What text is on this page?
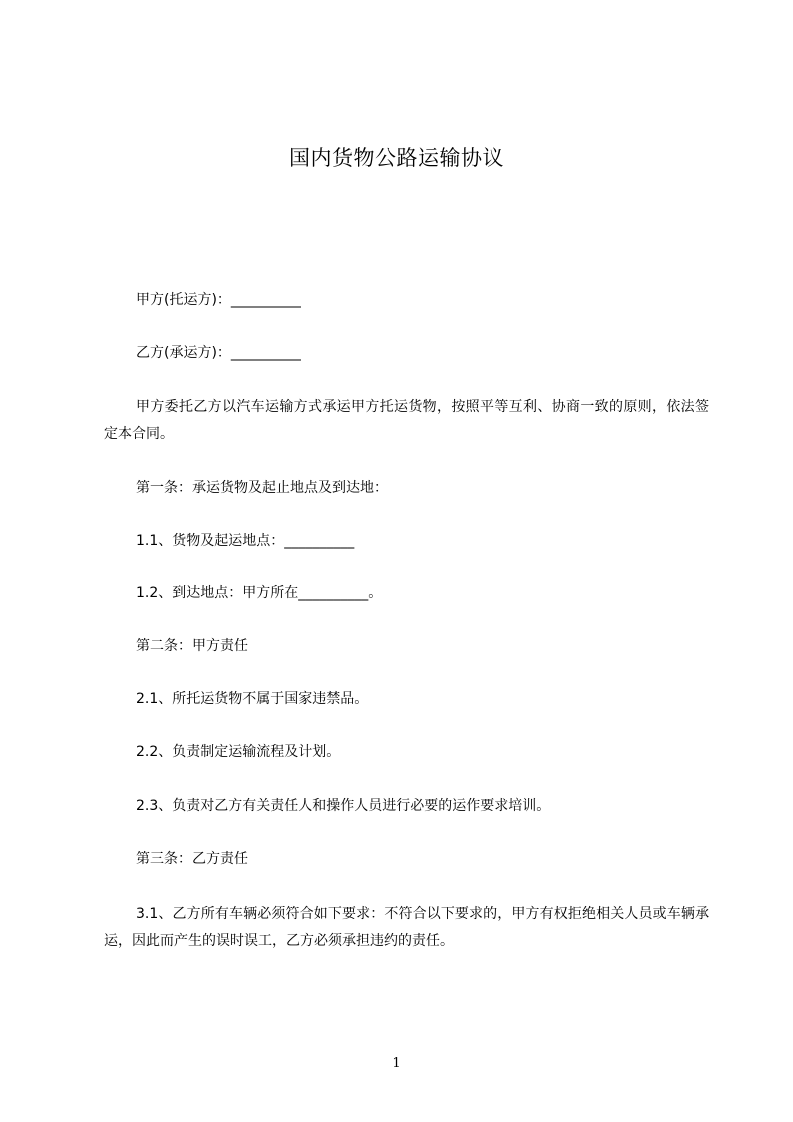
国内货物公路运输协议
甲方(托运方)：__________
乙方(承运方)：__________
甲方委托乙方以汽车运输方式承运甲方托运货物，按照平等互利、协商一致的原则，依法签定本合同。
第一条：承运货物及起止地点及到达地：
1.1、货物及起运地点：__________
1.2、到达地点：甲方所在__________。
第二条：甲方责任
2.1、所托运货物不属于国家违禁品。
2.2、负责制定运输流程及计划。
2.3、负责对乙方有关责任人和操作人员进行必要的运作要求培训。
第三条：乙方责任
3.1、乙方所有车辆必须符合如下要求：不符合以下要求的，甲方有权拒绝相关人员或车辆承运，因此而产生的误时误工，乙方必须承担违约的责任。
1
